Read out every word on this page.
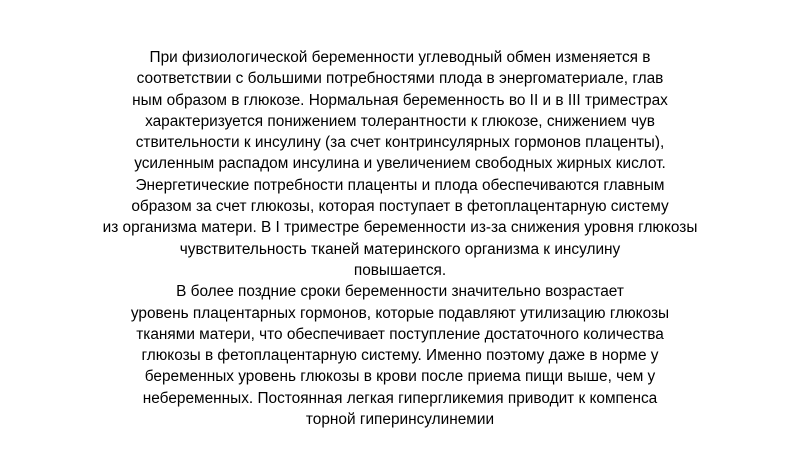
При физиологической беременности углеводный обмен изменяется в
соответствии с большими потребностями плода в энергоматериале, глав
ным образом в глюкозе. Нормальная беременность во II и в III триместрах
характеризуется понижением толерантности к глюкозе, снижением чув
ствительности к инсулину (за счет контринсулярных гормонов плаценты),
усиленным распадом инсулина и увеличением свободных жирных кислот.
Энергетические потребности плаценты и плода обеспечиваются главным
образом за счет глюкозы, которая поступает в фетоплацентарную систему
из организма матери. В I триместре беременности из-за снижения уровня глюкозы
чувствительность тканей материнского организма к инсулину
повышается.
В более поздние сроки беременности значительно возрастает
уровень плацентарных гормонов, которые подавляют утилизацию глюкозы
тканями матери, что обеспечивает поступление достаточного количества
глюкозы в фетоплацентарную систему. Именно поэтому даже в норме у
беременных уровень глюкозы в крови после приема пищи выше, чем у
небеременных. Постоянная легкая гипергликемия приводит к компенса
торной гиперинсулинемии
